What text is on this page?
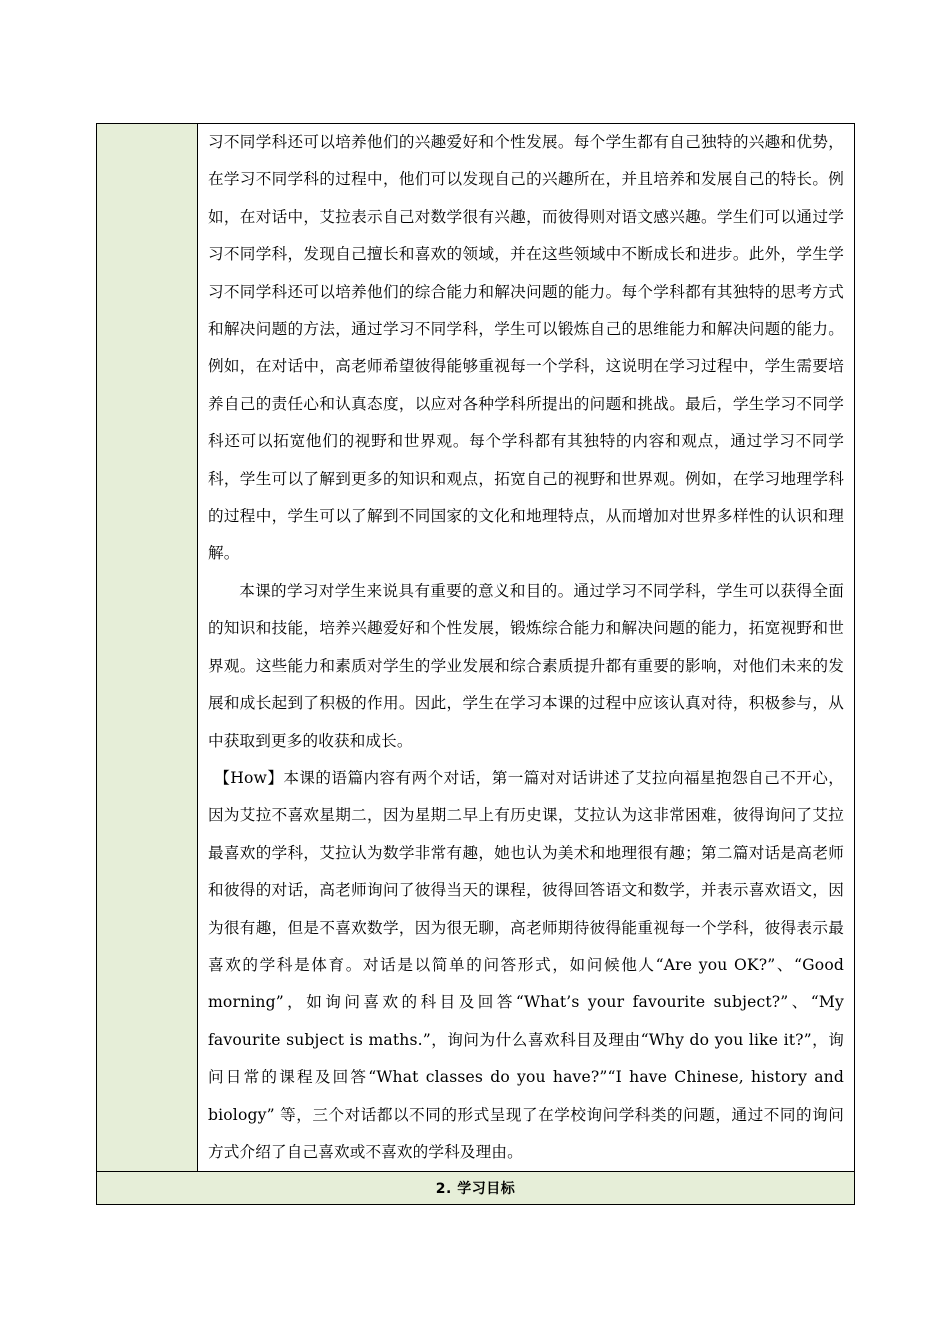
习不同学科还可以培养他们的兴趣爱好和个性发展。每个学生都有自己独特的兴趣和优势，在学习不同学科的过程中，他们可以发现自己的兴趣所在，并且培养和发展自己的特长。例如，在对话中，艾拉表示自己对数学很有兴趣，而彼得则对语文感兴趣。学生们可以通过学习不同学科，发现自己擅长和喜欢的领域，并在这些领域中不断成长和进步。此外，学生学习不同学科还可以培养他们的综合能力和解决问题的能力。每个学科都有其独特的思考方式和解决问题的方法，通过学习不同学科，学生可以锻炼自己的思维能力和解决问题的能力。例如，在对话中，高老师希望彼得能够重视每一个学科，这说明在学习过程中，学生需要培养自己的责任心和认真态度，以应对各种学科所提出的问题和挑战。最后，学生学习不同学科还可以拓宽他们的视野和世界观。每个学科都有其独特的内容和观点，通过学习不同学科，学生可以了解到更多的知识和观点，拓宽自己的视野和世界观。例如，在学习地理学科的过程中，学生可以了解到不同国家的文化和地理特点，从而增加对世界多样性的认识和理解。

本课的学习对学生来说具有重要的意义和目的。通过学习不同学科，学生可以获得全面的知识和技能，培养兴趣爱好和个性发展，锻炼综合能力和解决问题的能力，拓宽视野和世界观。这些能力和素质对学生的学业发展和综合素质提升都有重要的影响，对他们未来的发展和成长起到了积极的作用。因此，学生在学习本课的过程中应该认真对待，积极参与，从中获取到更多的收获和成长。

【How】本课的语篇内容有两个对话，第一篇对对话讲述了艾拉向福星抱怨自己不开心，因为艾拉不喜欢星期二，因为星期二早上有历史课，艾拉认为这非常困难，彼得询问了艾拉最喜欢的学科，艾拉认为数学非常有趣，她也认为美术和地理很有趣；第二篇对话是高老师和彼得的对话，高老师询问了彼得当天的课程，彼得回答语文和数学，并表示喜欢语文，因为很有趣，但是不喜欢数学，因为很无聊，高老师期待彼得能重视每一个学科，彼得表示最喜欢的学科是体育。对话是以简单的问答形式，如问候他人“Are you OK?”、“Good morning”，如询问喜欢的科目及回答“What’s your favourite subject?”、“My favourite subject is maths.”，询问为什么喜欢科目及理由“Why do you like it?”，询问日常的课程及回答“What classes do you have?”“I have Chinese, history and biology” 等，三个对话都以不同的形式呈现了在学校询问学科类的问题，通过不同的询问方式介绍了自己喜欢或不喜欢的学科及理由。

2. 学习目标
